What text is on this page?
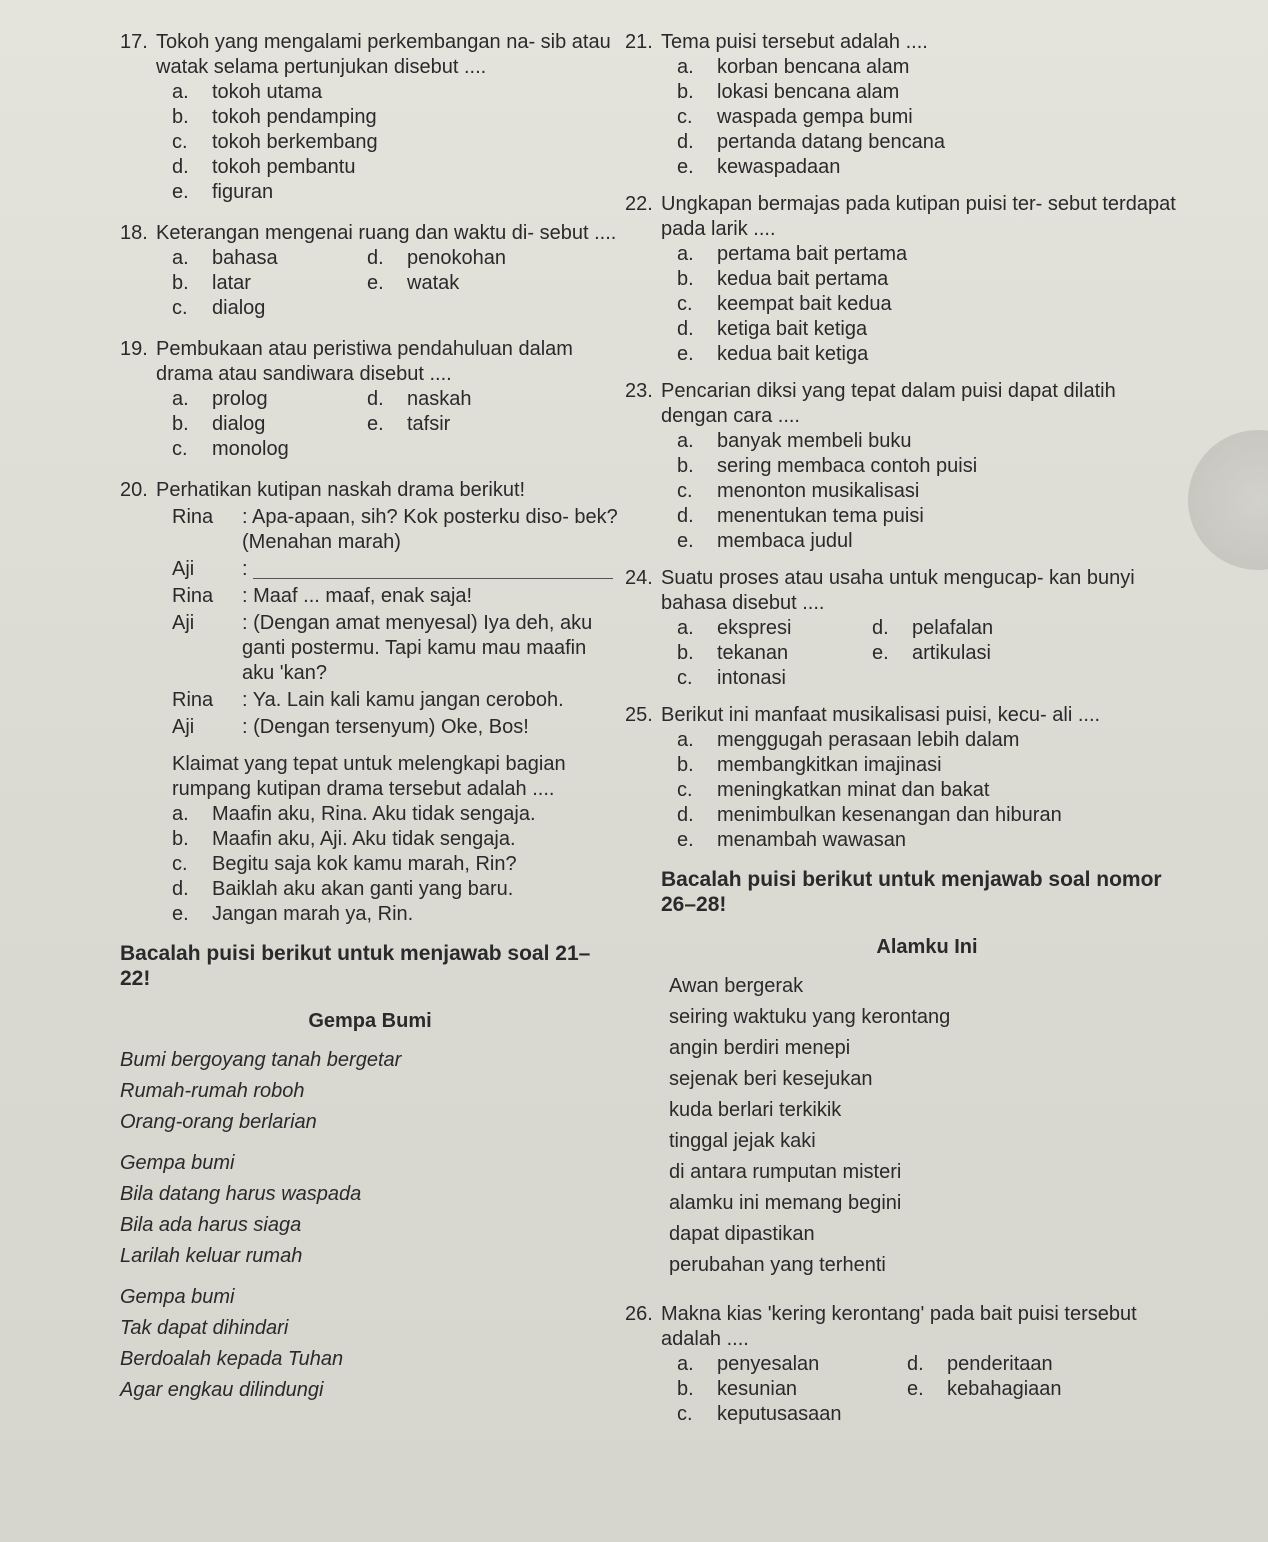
17. Tokoh yang mengalami perkembangan na- sib atau watak selama pertunjukan disebut ....
a.	tokoh utama
b.	tokoh pendamping
c.	tokoh berkembang
d.	tokoh pembantu
e.	figuran
18. Keterangan mengenai ruang dan waktu di- sebut ....
a.	bahasa	d.	penokohan
b.	latar	e.	watak
c.	dialog
19. Pembukaan atau peristiwa pendahuluan dalam drama atau sandiwara disebut ....
a.	prolog	d.	naskah
b.	dialog	e.	tafsir
c.	monolog
20. Perhatikan kutipan naskah drama berikut!
Rina	: Apa-apaan, sih? Kok posterku diso- bek? (Menahan marah)
Aji	:
Rina	: Maaf ... maaf, enak saja!
Aji	: (Dengan amat menyesal) Iya deh, aku ganti postermu. Tapi kamu mau maafin aku 'kan?
Rina	: Ya. Lain kali kamu jangan ceroboh.
Aji	: (Dengan tersenyum) Oke, Bos!
Klaimat yang tepat untuk melengkapi bagian rumpang kutipan drama tersebut adalah ....
a.	Maafin aku, Rina. Aku tidak sengaja.
b.	Maafin aku, Aji. Aku tidak sengaja.
c.	Begitu saja kok kamu marah, Rin?
d.	Baiklah aku akan ganti yang baru.
e.	Jangan marah ya, Rin.
Bacalah puisi berikut untuk menjawab soal 21–22!
Gempa Bumi
Bumi bergoyang tanah bergetar
Rumah-rumah roboh
Orang-orang berlarian
Gempa bumi
Bila datang harus waspada
Bila ada harus siaga
Larilah keluar rumah
Gempa bumi
Tak dapat dihindari
Berdoalah kepada Tuhan
Agar engkau dilindungi
21. Tema puisi tersebut adalah ....
a.	korban bencana alam
b.	lokasi bencana alam
c.	waspada gempa bumi
d.	pertanda datang bencana
e.	kewaspadaan
22. Ungkapan bermajas pada kutipan puisi ter- sebut terdapat pada larik ....
a.	pertama bait pertama
b.	kedua bait pertama
c.	keempat bait kedua
d.	ketiga bait ketiga
e.	kedua bait ketiga
23. Pencarian diksi yang tepat dalam puisi dapat dilatih dengan cara ....
a.	banyak membeli buku
b.	sering membaca contoh puisi
c.	menonton musikalisasi
d.	menentukan tema puisi
e.	membaca judul
24. Suatu proses atau usaha untuk mengucap- kan bunyi bahasa disebut ....
a.	ekspresi	d.	pelafalan
b.	tekanan	e.	artikulasi
c.	intonasi
25. Berikut ini manfaat musikalisasi puisi, kecu- ali ....
a.	menggugah perasaan lebih dalam
b.	membangkitkan imajinasi
c.	meningkatkan minat dan bakat
d.	menimbulkan kesenangan dan hiburan
e.	menambah wawasan
Bacalah puisi berikut untuk menjawab soal nomor 26–28!
Alamku Ini
Awan bergerak
seiring waktuku yang kerontang
angin berdiri menepi
sejenak beri kesejukan
kuda berlari terkikik
tinggal jejak kaki
di antara rumputan misteri
alamku ini memang begini
dapat dipastikan
perubahan yang terhenti
26. Makna kias 'kering kerontang' pada bait puisi tersebut adalah ....
a.	penyesalan	d.	penderitaan
b.	kesunian	e.	kebahagiaan
c.	keputusasaan
